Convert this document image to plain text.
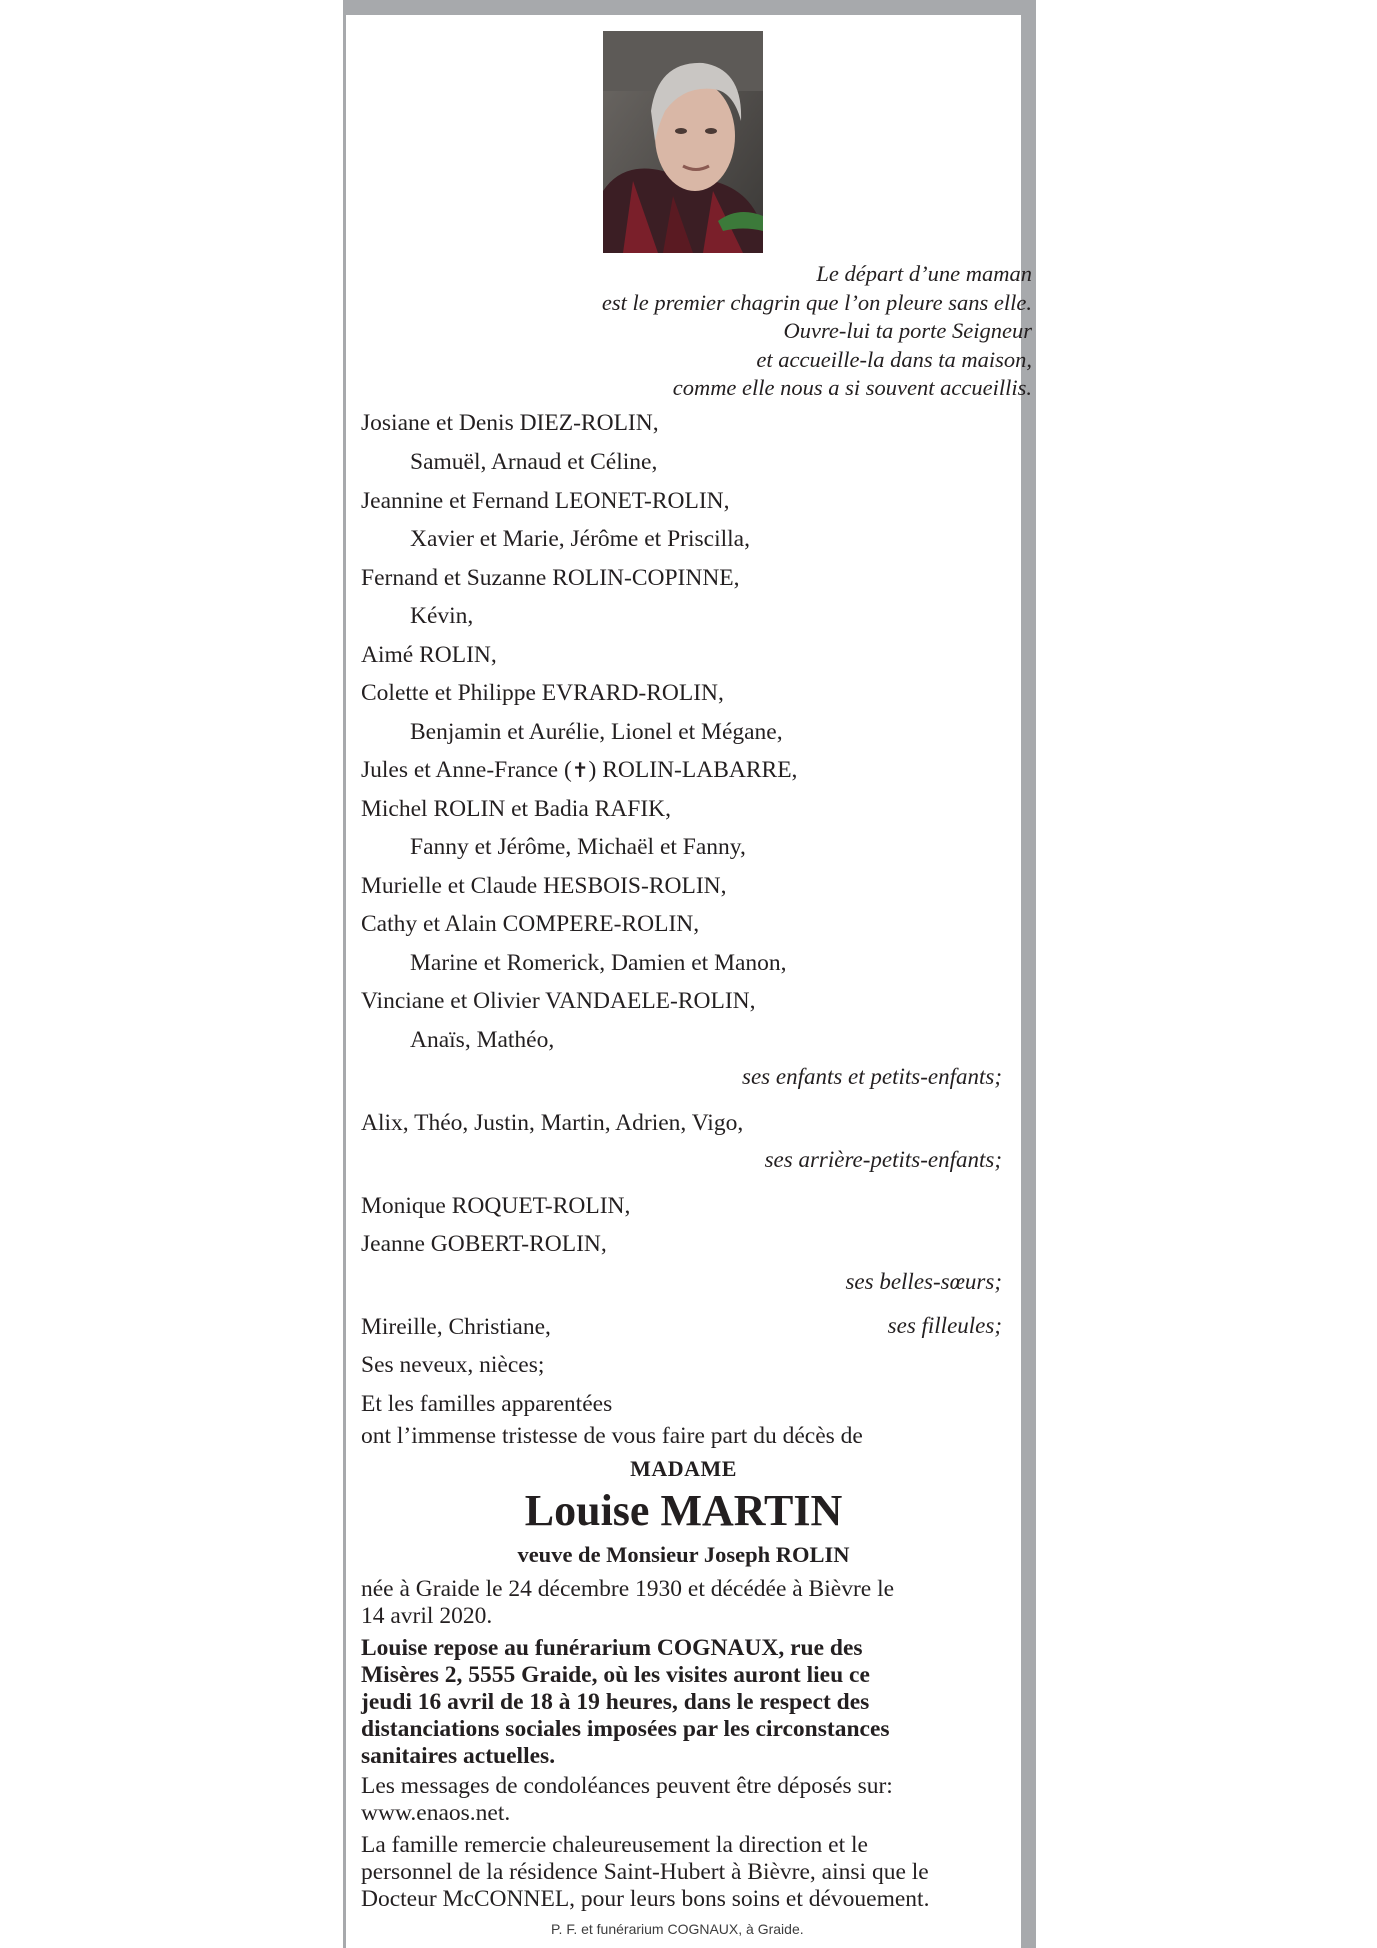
Le départ d’une maman
est le premier chagrin que l’on pleure sans elle.
Ouvre-lui ta porte Seigneur
et accueille-la dans ta maison,
comme elle nous a si souvent accueillis.
Josiane et Denis DIEZ-ROLIN,
Samuël, Arnaud et Céline,
Jeannine et Fernand LEONET-ROLIN,
Xavier et Marie, Jérôme et Priscilla,
Fernand et Suzanne ROLIN-COPINNE,
Kévin,
Aimé ROLIN,
Colette et Philippe EVRARD-ROLIN,
Benjamin et Aurélie, Lionel et Mégane,
Jules et Anne-France (✝) ROLIN-LABARRE,
Michel ROLIN et Badia RAFIK,
Fanny et Jérôme, Michaël et Fanny,
Murielle et Claude HESBOIS-ROLIN,
Cathy et Alain COMPERE-ROLIN,
Marine et Romerick, Damien et Manon,
Vinciane et Olivier VANDAELE-ROLIN,
Anaïs, Mathéo,
ses enfants et petits-enfants;
Alix, Théo, Justin, Martin, Adrien, Vigo,
ses arrière-petits-enfants;
Monique ROQUET-ROLIN,
Jeanne GOBERT-ROLIN,
ses belles-sœurs;
Mireille, Christiane,	ses filleules;
Ses neveux, nièces;
Et les familles apparentées
ont l’immense tristesse de vous faire part du décès de
MADAME
Louise MARTIN
veuve de Monsieur Joseph ROLIN
née à Graide le 24 décembre 1930 et décédée à Bièvre le
14 avril 2020.
Louise repose au funérarium COGNAUX, rue des
Misères 2, 5555 Graide, où les visites auront lieu ce
jeudi 16 avril de 18 à 19 heures, dans le respect des
distanciations sociales imposées par les circonstances
sanitaires actuelles.
Les messages de condoléances peuvent être déposés sur:
www.enaos.net.
La famille remercie chaleureusement la direction et le
personnel de la résidence Saint-Hubert à Bièvre, ainsi que le
Docteur McCONNEL, pour leurs bons soins et dévouement.
P. F. et funérarium COGNAUX, à Graide.
